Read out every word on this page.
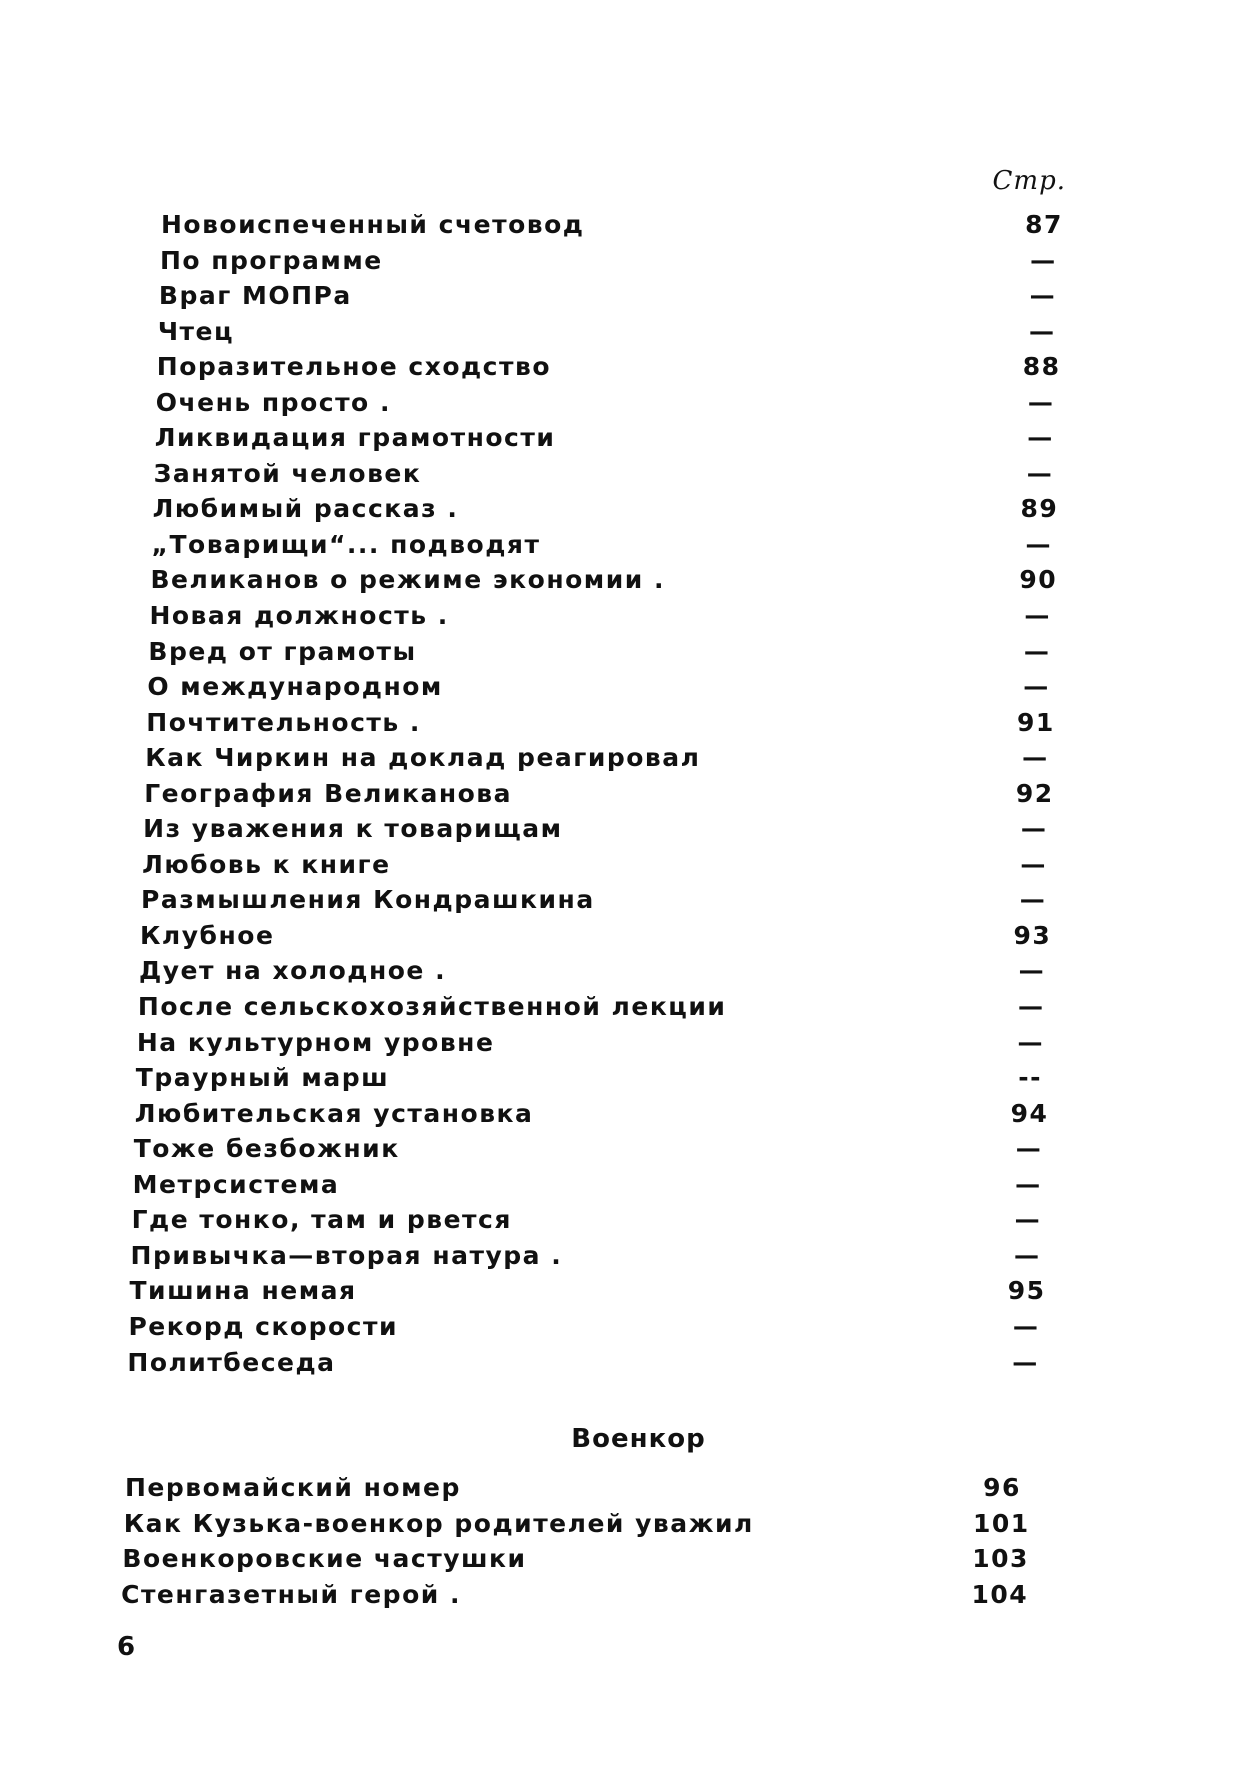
Стр.
Новоиспеченный счетовод	87
По программе	—
Враг МОПРа	—
Чтец	—
Поразительное сходство	88
Очень просто .	—
Ликвидация грамотности	—
Занятой человек	—
Любимый рассказ .	89
„Товарищи“... подводят	—
Великанов о режиме экономии .	90
Новая должность .	—
Вред от грамоты	—
О международном	—
Почтительность .	91
Как Чиркин на доклад реагировал	—
География Великанова	92
Из уважения к товарищам	—
Любовь к книге	—
Размышления Кондрашкина	—
Клубное	93
Дует на холодное .	—
После сельскохозяйственной лекции	—
На культурном уровне	—
Траурный марш	--
Любительская установка	94
Тоже безбожник	—
Метрсистема	—
Где тонко, там и рвется	—
Привычка—вторая натура .	—
Тишина немая	95
Рекорд скорости	—
Политбеседа	—
Военкор
Первомайский номер	96
Как Кузька-военкор родителей уважил	101
Военкоровские частушки	103
Стенгазетный герой .	104
6
